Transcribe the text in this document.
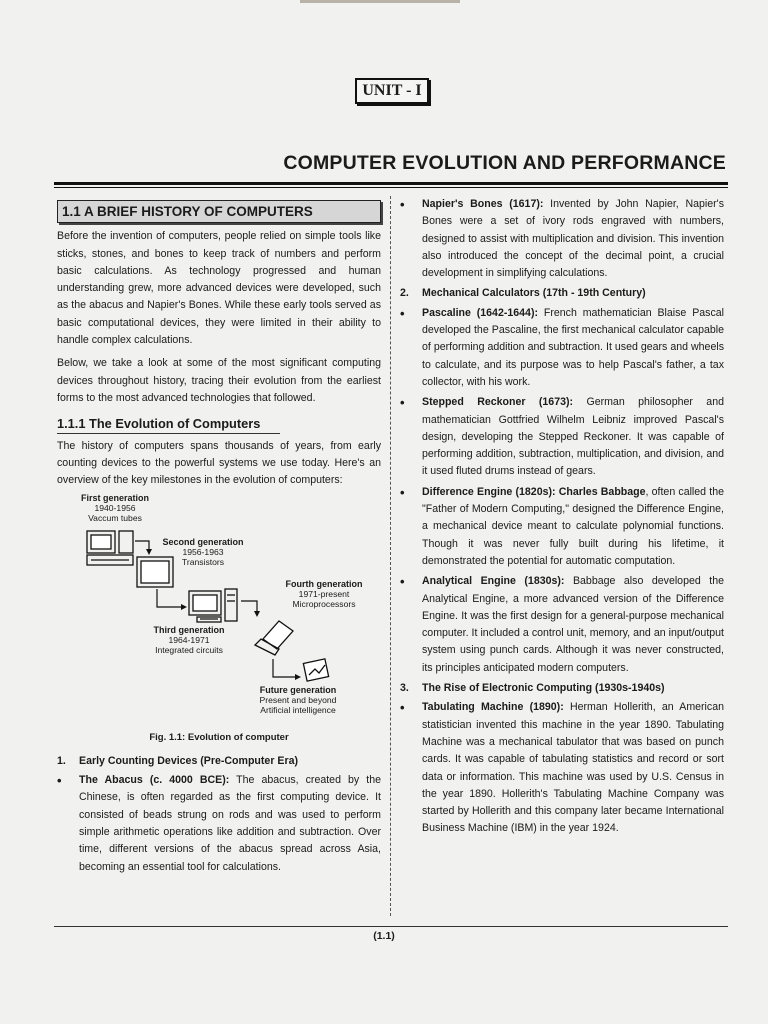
UNIT - I
COMPUTER EVOLUTION AND PERFORMANCE
1.1 A BRIEF HISTORY OF COMPUTERS

Before the invention of computers, people relied on simple tools like sticks, stones, and bones to keep track of numbers and perform basic calculations. As technology progressed and human understanding grew, more advanced devices were developed, such as the abacus and Napier's Bones. While these early tools served as basic computational devices, they were limited in their ability to handle complex calculations.

Below, we take a look at some of the most significant computing devices throughout history, tracing their evolution from the earliest forms to the most advanced technologies that followed.

1.1.1 The Evolution of Computers

The history of computers spans thousands of years, from early counting devices to the powerful systems we use today. Here's an overview of the key milestones in the evolution of computers:

First generation
1940-1956
Vaccum tubes
Second generation
1956-1963
Transistors
Third generation
1964-1971
Integrated circuits
Fourth generation
1971-present
Microprocessors
Future generation
Present and beyond
Artificial intelligence
Fig. 1.1: Evolution of computer
1.	Early Counting Devices (Pre-Computer Era)
•	The Abacus (c. 4000 BCE): The abacus, created by the Chinese, is often regarded as the first computing device. It consisted of beads strung on rods and was used to perform simple arithmetic operations like addition and subtraction. Over time, different versions of the abacus spread across Asia, becoming an essential tool for calculations.
•	Napier's Bones (1617): Invented by John Napier, Napier's Bones were a set of ivory rods engraved with numbers, designed to assist with multiplication and division. This invention also introduced the concept of the decimal point, a crucial development in simplifying calculations.
2.	Mechanical Calculators (17th - 19th Century)
•	Pascaline (1642-1644): French mathematician Blaise Pascal developed the Pascaline, the first mechanical calculator capable of performing addition and subtraction. It used gears and wheels to calculate, and its purpose was to help Pascal's father, a tax collector, with his work.
•	Stepped Reckoner (1673): German philosopher and mathematician Gottfried Wilhelm Leibniz improved Pascal's design, developing the Stepped Reckoner. It was capable of performing addition, subtraction, multiplication, and division, and it used fluted drums instead of gears.
•	Difference Engine (1820s): Charles Babbage, often called the "Father of Modern Computing," designed the Difference Engine, a mechanical device meant to calculate polynomial functions. Though it was never fully built during his lifetime, it demonstrated the potential for automatic computation.
•	Analytical Engine (1830s): Babbage also developed the Analytical Engine, a more advanced version of the Difference Engine. It was the first design for a general-purpose mechanical computer. It included a control unit, memory, and an input/output system using punch cards. Although it was never constructed, its principles anticipated modern computers.
3.	The Rise of Electronic Computing (1930s-1940s)
•	Tabulating Machine (1890): Herman Hollerith, an American statistician invented this machine in the year 1890. Tabulating Machine was a mechanical tabulator that was based on punch cards. It was capable of tabulating statistics and record or sort data or information. This machine was used by U.S. Census in the year 1890. Hollerith's Tabulating Machine Company was started by Hollerith and this company later became International Business Machine (IBM) in the year 1924.
(1.1)
